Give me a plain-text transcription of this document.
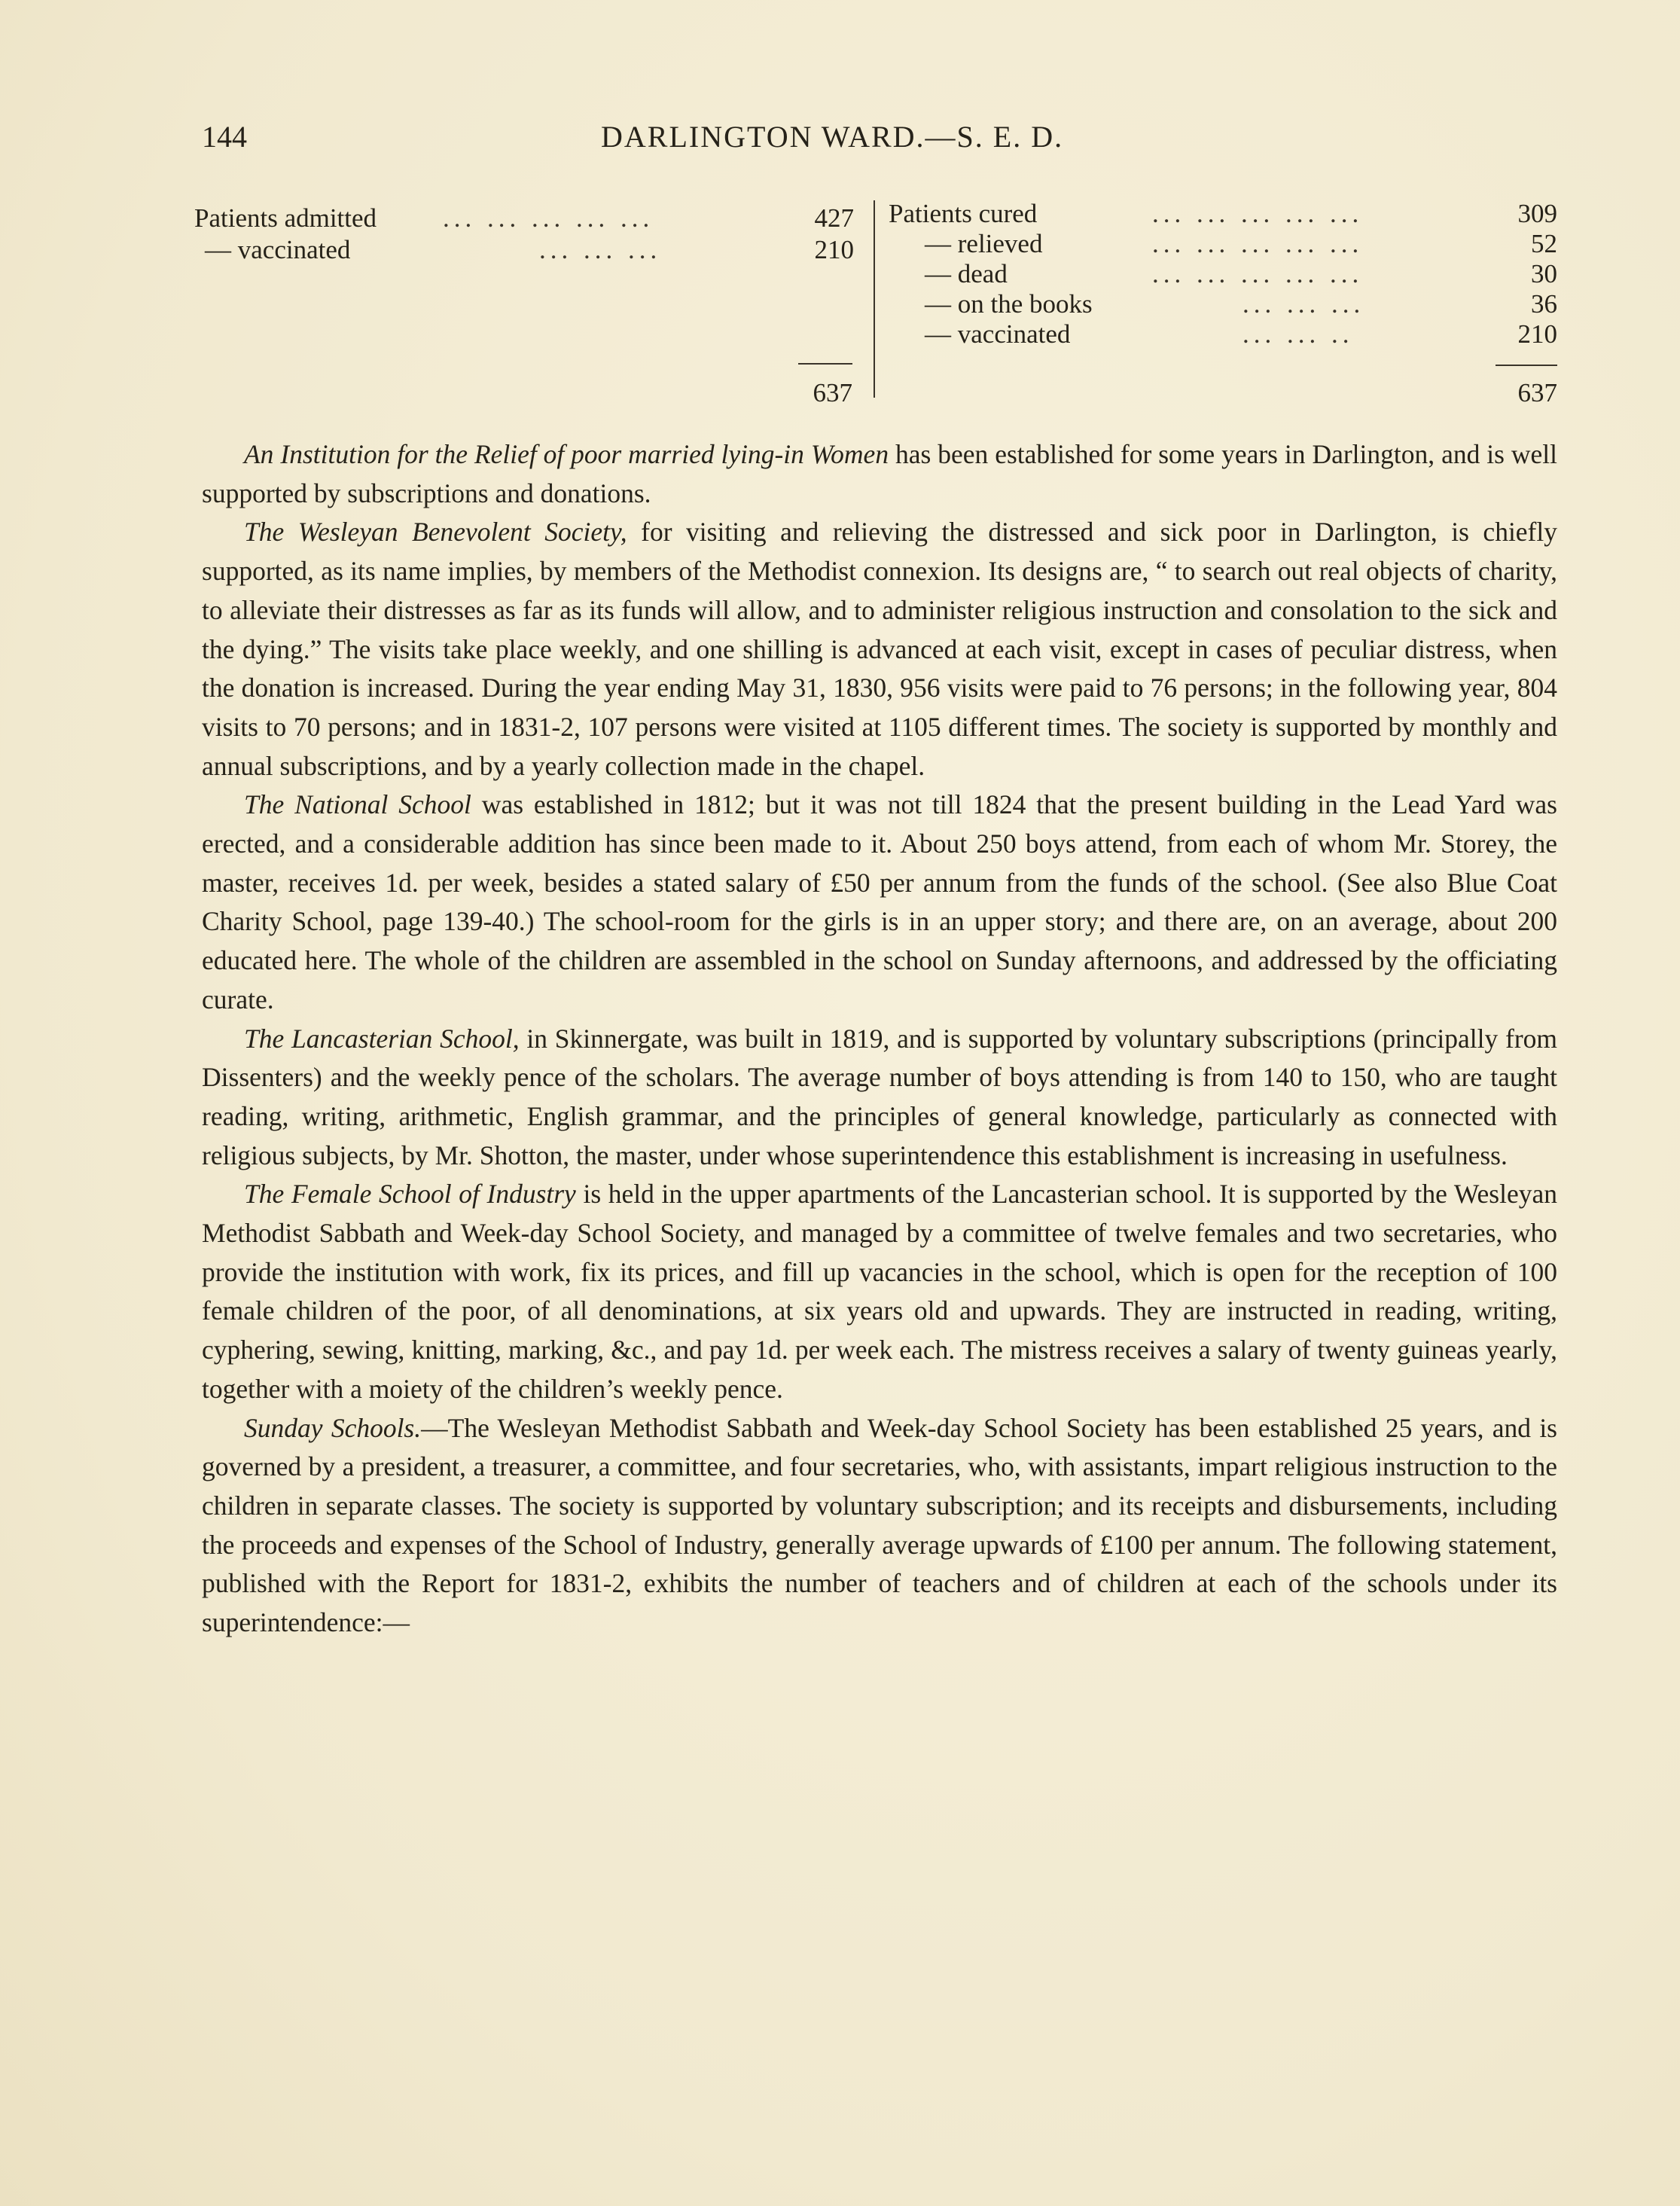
144	DARLINGTON WARD.—S. E. D.
Patients admitted	... ... ... ... ...	427
— vaccinated	... ... ...	210
637
Patients cured	... ... ... ... ...	309
— relieved	... ... ... ... ...	52
— dead	... ... ... ... ...	30
— on the books	... ... ...	36
— vaccinated	... ... ..	210
637

An Institution for the Relief of poor married lying-in Women has been established for some years in Darlington, and is well supported by subscriptions and donations.

The Wesleyan Benevolent Society, for visiting and relieving the distressed and sick poor in Darlington, is chiefly supported, as its name implies, by members of the Methodist connexion. Its designs are, “ to search out real objects of charity, to alleviate their distresses as far as its funds will allow, and to administer religious instruction and consolation to the sick and the dying.” The visits take place weekly, and one shilling is advanced at each visit, except in cases of peculiar distress, when the donation is increased. During the year ending May 31, 1830, 956 visits were paid to 76 persons; in the following year, 804 visits to 70 persons; and in 1831-2, 107 persons were visited at 1105 different times. The society is supported by monthly and annual subscriptions, and by a yearly collection made in the chapel.

The National School was established in 1812; but it was not till 1824 that the present building in the Lead Yard was erected, and a considerable addition has since been made to it. About 250 boys attend, from each of whom Mr. Storey, the master, receives 1d. per week, besides a stated salary of £50 per annum from the funds of the school. (See also Blue Coat Charity School, page 139-40.) The school-room for the girls is in an upper story; and there are, on an average, about 200 educated here. The whole of the children are assembled in the school on Sunday afternoons, and addressed by the officiating curate.

The Lancasterian School, in Skinnergate, was built in 1819, and is supported by voluntary subscriptions (principally from Dissenters) and the weekly pence of the scholars. The average number of boys attending is from 140 to 150, who are taught reading, writing, arithmetic, English grammar, and the principles of general knowledge, particularly as connected with religious subjects, by Mr. Shotton, the master, under whose superintendence this establishment is increasing in usefulness.

The Female School of Industry is held in the upper apartments of the Lancasterian school. It is supported by the Wesleyan Methodist Sabbath and Week-day School Society, and managed by a committee of twelve females and two secretaries, who provide the institution with work, fix its prices, and fill up vacancies in the school, which is open for the reception of 100 female children of the poor, of all denominations, at six years old and upwards. They are instructed in reading, writing, cyphering, sewing, knitting, marking, &c., and pay 1d. per week each. The mistress receives a salary of twenty guineas yearly, together with a moiety of the children’s weekly pence.

Sunday Schools.—The Wesleyan Methodist Sabbath and Week-day School Society has been established 25 years, and is governed by a president, a treasurer, a committee, and four secretaries, who, with assistants, impart religious instruction to the children in separate classes. The society is supported by voluntary subscription; and its receipts and disbursements, including the proceeds and expenses of the School of Industry, generally average upwards of £100 per annum. The following statement, published with the Report for 1831-2, exhibits the number of teachers and of children at each of the schools under its superintendence:—
